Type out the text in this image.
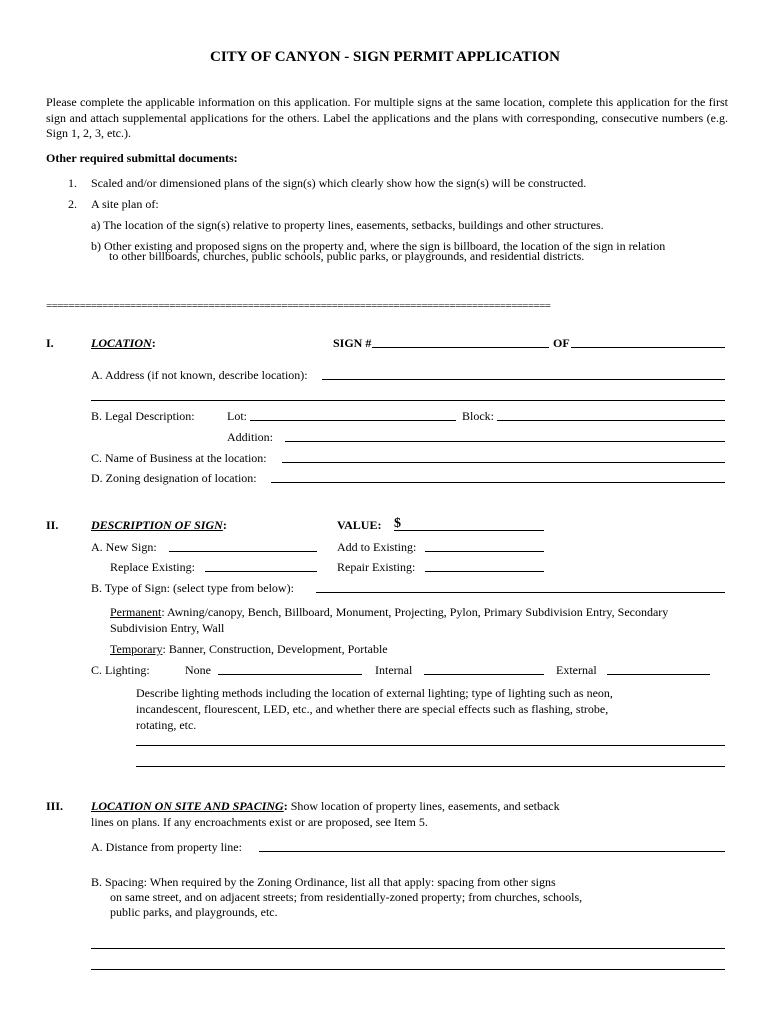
CITY OF CANYON - SIGN PERMIT APPLICATION
Please complete the applicable information on this application. For multiple signs at the same location, complete this application for the first sign and attach supplemental applications for the others. Label the applications and the plans with corresponding, consecutive numbers (e.g. Sign 1, 2, 3, etc.).
Other required submittal documents:
1. Scaled and/or dimensioned plans of the sign(s) which clearly show how the sign(s) will be constructed.
2. A site plan of:
a) The location of the sign(s) relative to property lines, easements, setbacks, buildings and other structures.
b) Other existing and proposed signs on the property and, where the sign is billboard, the location of the sign in relation
to other billboards, churches, public schools, public parks, or playgrounds, and residential districts.
==========================================================================================
I.	LOCATION:	SIGN #	OF
A. Address (if not known, describe location):
B. Legal Description:	Lot:	Block:
Addition:
C. Name of Business at the location:
D. Zoning designation of location:
II.	DESCRIPTION OF SIGN:	VALUE: $
A. New Sign:	Add to Existing:
Replace Existing:	Repair Existing:
B. Type of Sign: (select type from below):
Permanent: Awning/canopy, Bench, Billboard, Monument, Projecting, Pylon, Primary Subdivision Entry, Secondary
Subdivision Entry, Wall
Temporary: Banner, Construction, Development, Portable
C. Lighting:	None	Internal	External
Describe lighting methods including the location of external lighting; type of lighting such as neon,
incandescent, flourescent, LED, etc., and whether there are special effects such as flashing, strobe,
rotating, etc.
III. LOCATION ON SITE AND SPACING: Show location of property lines, easements, and setback
lines on plans. If any encroachments exist or are proposed, see Item 5.
A. Distance from property line:
B. Spacing: When required by the Zoning Ordinance, list all that apply: spacing from other signs
on same street, and on adjacent streets; from residentially-zoned property; from churches, schools,
public parks, and playgrounds, etc.
